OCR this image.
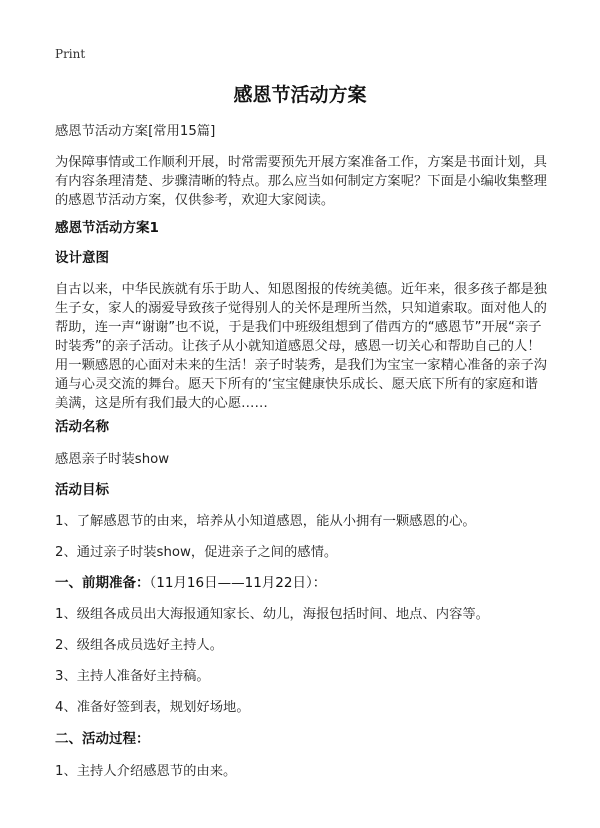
Print
感恩节活动方案

感恩节活动方案[常用15篇]

为保障事情或工作顺利开展，时常需要预先开展方案准备工作，方案是书面计划，具有内容条理清楚、步骤清晰的特点。那么应当如何制定方案呢？下面是小编收集整理的感恩节活动方案，仅供参考，欢迎大家阅读。

感恩节活动方案1

设计意图

自古以来，中华民族就有乐于助人、知恩图报的传统美德。近年来，很多孩子都是独生子女，家人的溺爱导致孩子觉得别人的关怀是理所当然，只知道索取。面对他人的帮助，连一声“谢谢”也不说，于是我们中班级组想到了借西方的“感恩节”开展“亲子时装秀”的亲子活动。让孩子从小就知道感恩父母，感恩一切关心和帮助自己的人！用一颗感恩的心面对未来的生活！亲子时装秀，是我们为宝宝一家精心准备的亲子沟通与心灵交流的舞台。愿天下所有的‘宝宝健康快乐成长、愿天底下所有的家庭和谐美满，这是所有我们最大的心愿……

活动名称

感恩亲子时装show

活动目标

1、了解感恩节的由来，培养从小知道感恩，能从小拥有一颗感恩的心。

2、通过亲子时装show，促进亲子之间的感情。

一、前期准备：（11月16日——11月22日）：

1、级组各成员出大海报通知家长、幼儿，海报包括时间、地点、内容等。

2、级组各成员选好主持人。

3、主持人准备好主持稿。

4、准备好签到表，规划好场地。

二、活动过程：

1、主持人介绍感恩节的由来。
